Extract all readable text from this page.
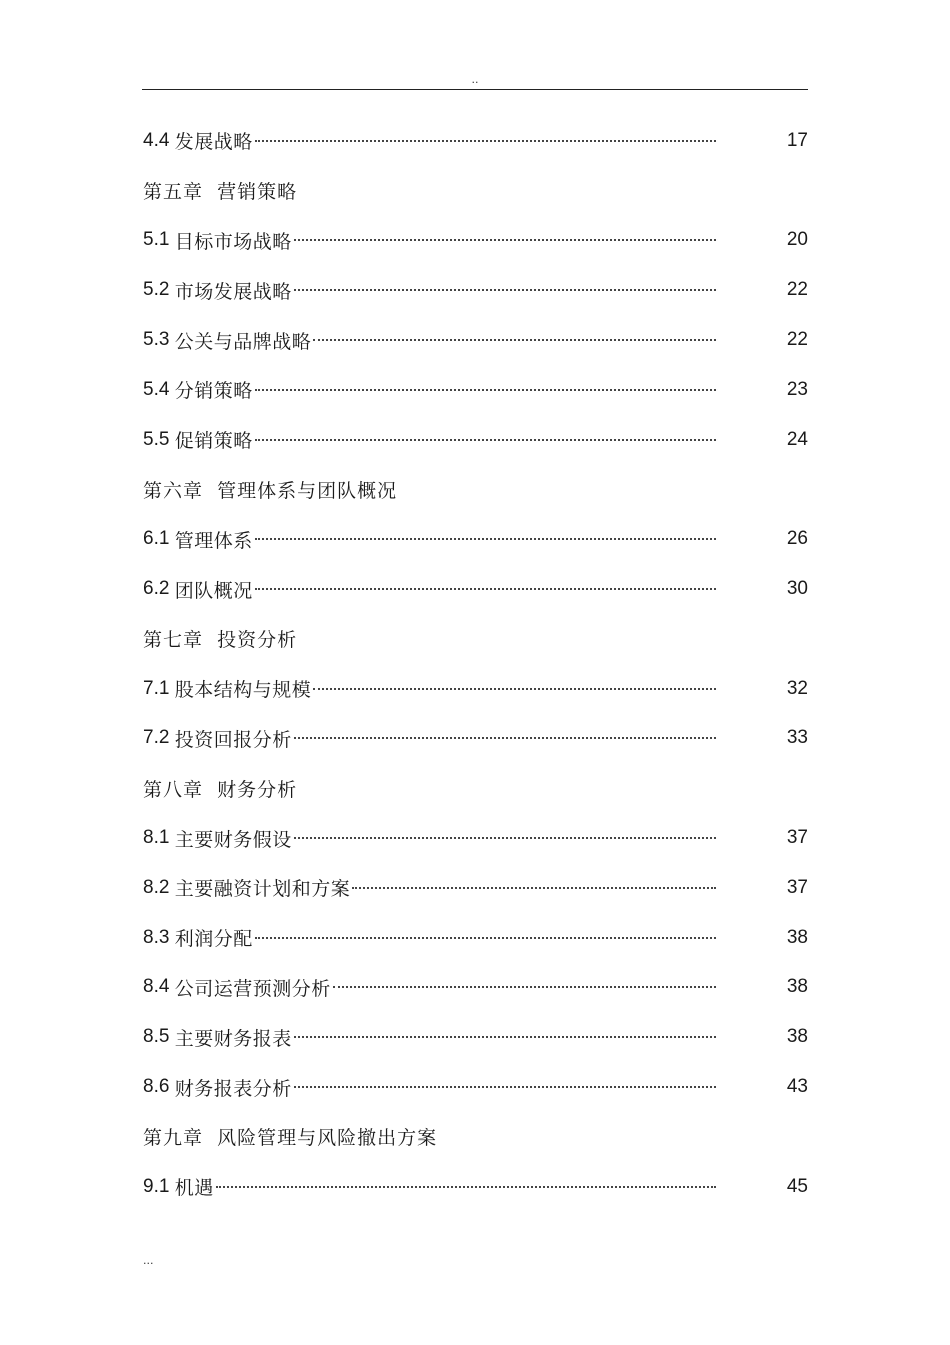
..
4.4 发展战略	17
第五章  营销策略
5.1 目标市场战略	20
5.2 市场发展战略	22
5.3 公关与品牌战略	22
5.4 分销策略	23
5.5 促销策略	24
第六章  管理体系与团队概况
6.1 管理体系	26
6.2 团队概况	30
第七章  投资分析
7.1 股本结构与规模	32
7.2 投资回报分析	33
第八章  财务分析
8.1 主要财务假设	37
8.2 主要融资计划和方案	37
8.3 利润分配	38
8.4 公司运营预测分析	38
8.5 主要财务报表	38
8.6 财务报表分析	43
第九章  风险管理与风险撤出方案
9.1 机遇	45
...
